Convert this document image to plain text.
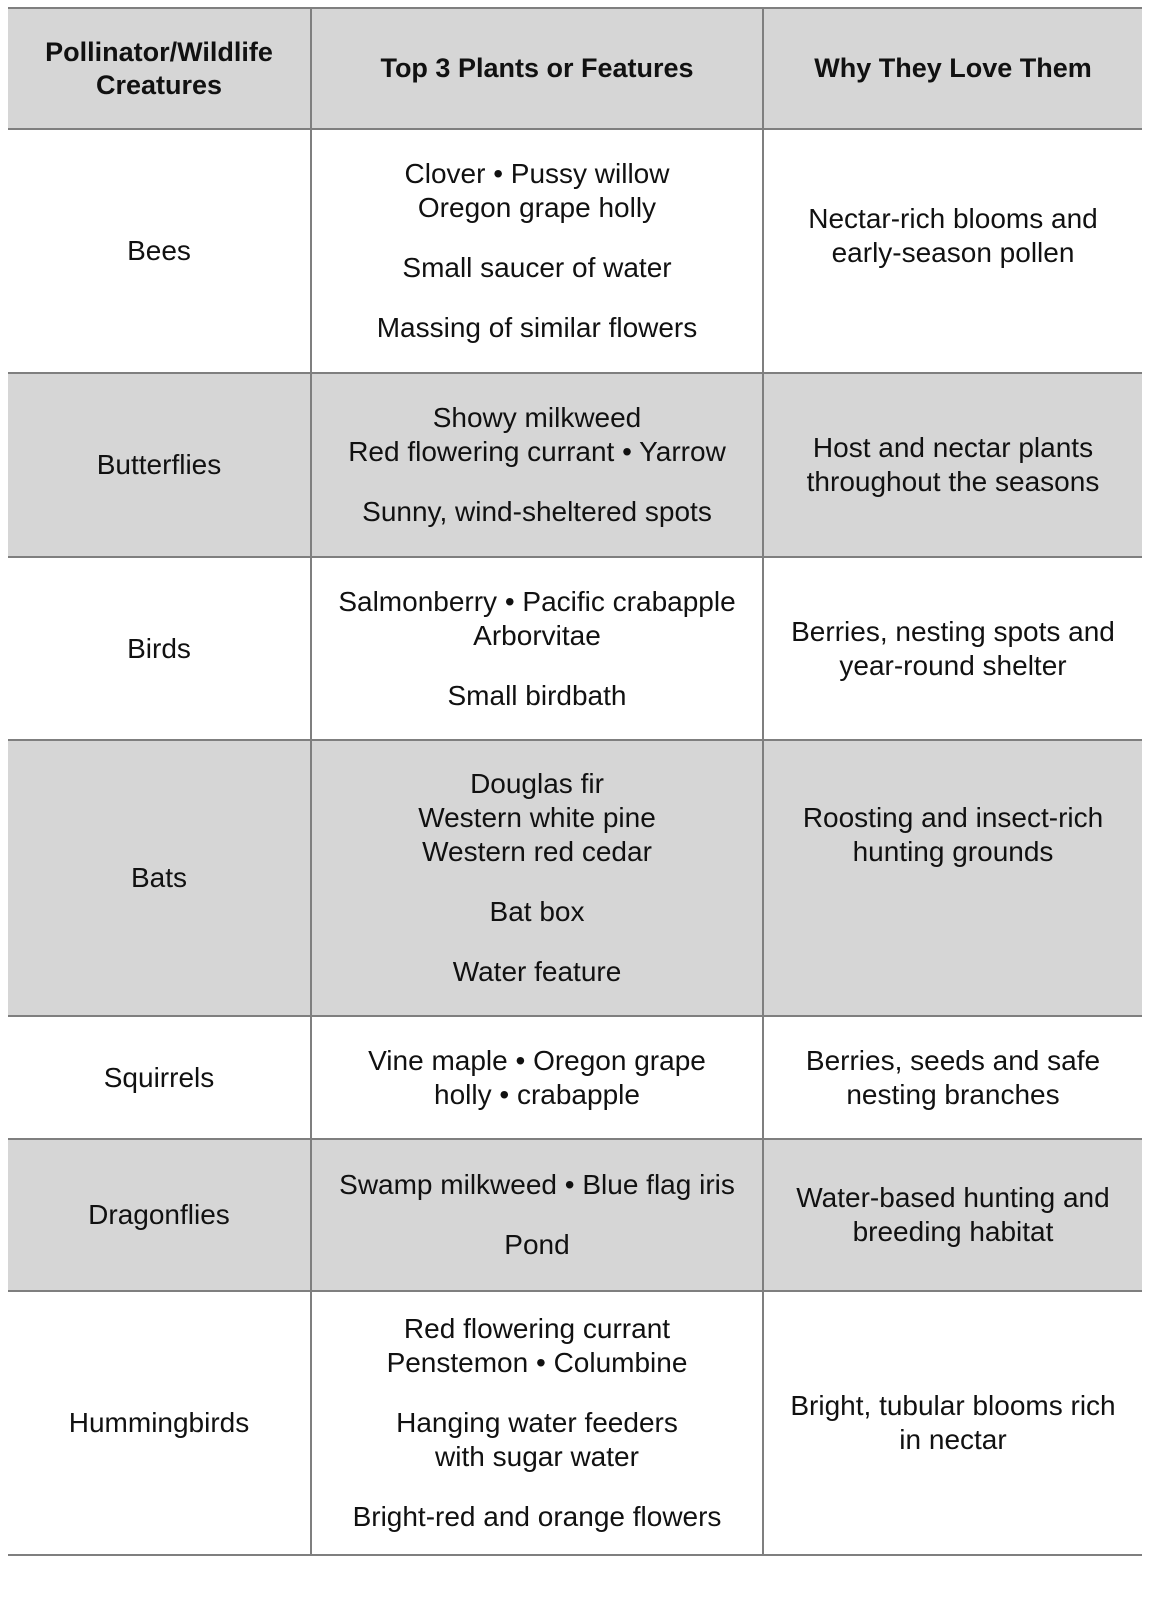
Pollinator/Wildlife
Creatures
Top 3 Plants or Features	Why They Love Them
Bees
Clover • Pussy willow
Oregon grape holly
Small saucer of water
Massing of similar flowers
Nectar-rich blooms and
early-season pollen
Butterflies
Showy milkweed
Red flowering currant • Yarrow
Sunny, wind-sheltered spots
Host and nectar plants
throughout the seasons
Birds
Salmonberry • Pacific crabapple
Arborvitae
Small birdbath
Berries, nesting spots and
year-round shelter
Bats
Douglas fir
Western white pine
Western red cedar
Bat box
Water feature
Roosting and insect-rich
hunting grounds
Squirrels
Vine maple • Oregon grape
holly • crabapple
Berries, seeds and safe
nesting branches
Dragonflies
Swamp milkweed • Blue flag iris
Pond
Water-based hunting and
breeding habitat
Hummingbirds
Red flowering currant
Penstemon • Columbine
Hanging water feeders
with sugar water
Bright-red and orange flowers
Bright, tubular blooms rich
in nectar
